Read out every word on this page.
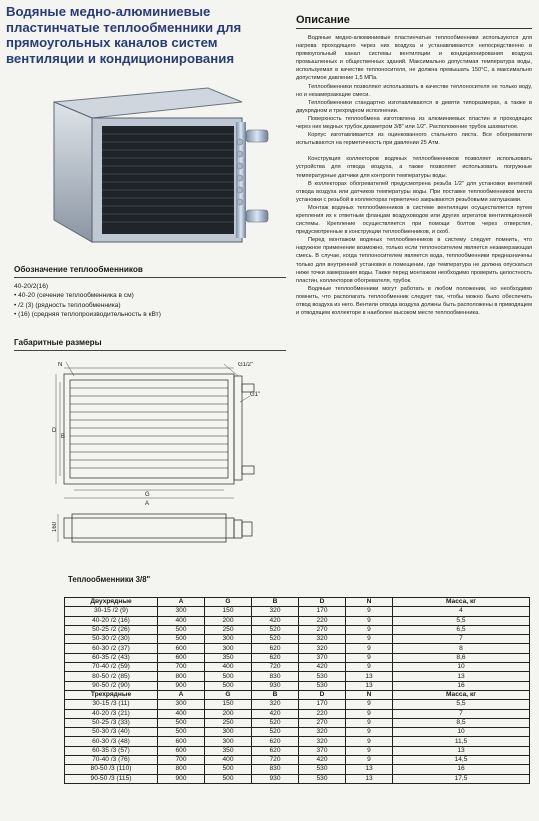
Водяные медно-алюминиевые пластинчатые теплообменники для прямоугольных каналов систем вентиляции и кондиционирования
Описание

Водяные медно-алюминиевые пластинчатые теплообменники используются для нагрева проходящего через них воздуха и устанавливаются непосредственно в прямоугольный канал системы вентиляции и кондиционирования воздуха промышленных и общественных зданий. Максимально допустимая температура воды, используемая в качестве теплоносителя, не должна превышать 150°С, а максимально допустимое давление 1,5 МПа.

Теплообменники позволяют использовать в качестве теплоносителя не только воду, но и незамерзающие смеси.

Теплообменники стандартно изготавливаются в девяти типоразмерах, а также в двухрядном и трехрядном исполнении.

Поверхность теплообмена изготовлена из алюминиевых пластин и проходящих через них медных трубок диаметром 3/8" или 1/2". Расположение трубок шахматное.

Корпус изготавливается из оцинкованного стального листа. Все обогреватели испытываются на герметичность при давлении 25 Атм.

Конструкция коллекторов водяных теплообменников позволяет использовать устройства для отвода воздуха, а также позволяет использовать погружные температурные датчики для контроля температуры воды.

В коллекторах обогревателей предусмотрена резьба 1/2" для установки вентилей отвода воздуха или датчиков температуры воды. При поставке теплообменников места установки с резьбой в коллекторах герметично закрываются резьбовыми заглушками.

Монтаж водяных теплообменников в системе вентиляции осуществляется путем крепления их к ответным фланцам воздуховодов или других агрегатов вентиляционной системы. Крепление осуществляется при помощи болтов через отверстия, предусмотренные в конструкции теплообменников, и скоб.

Перед монтажом водяных теплообменников в систему следует помнить, что наружное применение возможно, только если теплоносителем является незамерзающая смесь. В случае, когда теплоносителем является вода, теплообменники предназначены только для внутренней установки в помещении, где температура не должна опускаться ниже точки замерзания воды. Также перед монтажом необходимо проверить целостность пластин, коллекторов обогревателя, трубок.

Водяные теплообменники могут работать в любом положении, но необходимо помнить, что располагать теплообменник следует так, чтобы можно было обеспечить отвод воздуха из него. Вентили отвода воздуха должны быть расположены в приводящем и отводящем коллекторе в наиболее высоком месте теплообменника.

Обозначение теплообменников
40-20/2(16)
• 40-20 (сечение теплообменника в см)
• /2 (3) (рядность теплообменника)
• (16) (средняя теплопроизводительность в кВт)
Габаритные размеры
N	G1/2"
G1"
D
B
G
A
160
Теплообменники 3/8"
Двухрядные	A	G	B	D	N	Масса, кг
30-15 /2 (9)	300	150	320	170	9	4
40-20 /2 (16)	400	200	420	220	9	5,5
50-25 /2 (26)	500	250	520	270	9	6,5
50-30 /2 (30)	500	300	520	320	9	7
60-30 /2 (37)	600	300	620	320	9	8
60-35 /2 (43)	600	350	620	370	9	8,6
70-40 /2 (59)	700	400	720	420	9	10
80-50 /2 (85)	800	500	830	530	13	13
90-50 /2 (90)	900	500	930	530	13	16
Трехрядные	A	G	B	D	N	Масса, кг
30-15 /3 (11)	300	150	320	170	9	5,5
40-20 /3 (21)	400	200	420	220	9	7
50-25 /3 (33)	500	250	520	270	9	8,5
50-30 /3 (40)	500	300	520	320	9	10
60-30 /3 (48)	600	300	620	320	9	11,5
60-35 /3 (57)	600	350	620	370	9	13
70-40 /3 (76)	700	400	720	420	9	14,5
80-50 /3 (110)	800	500	830	530	13	16
90-50 /3 (115)	900	500	930	530	13	17,5
